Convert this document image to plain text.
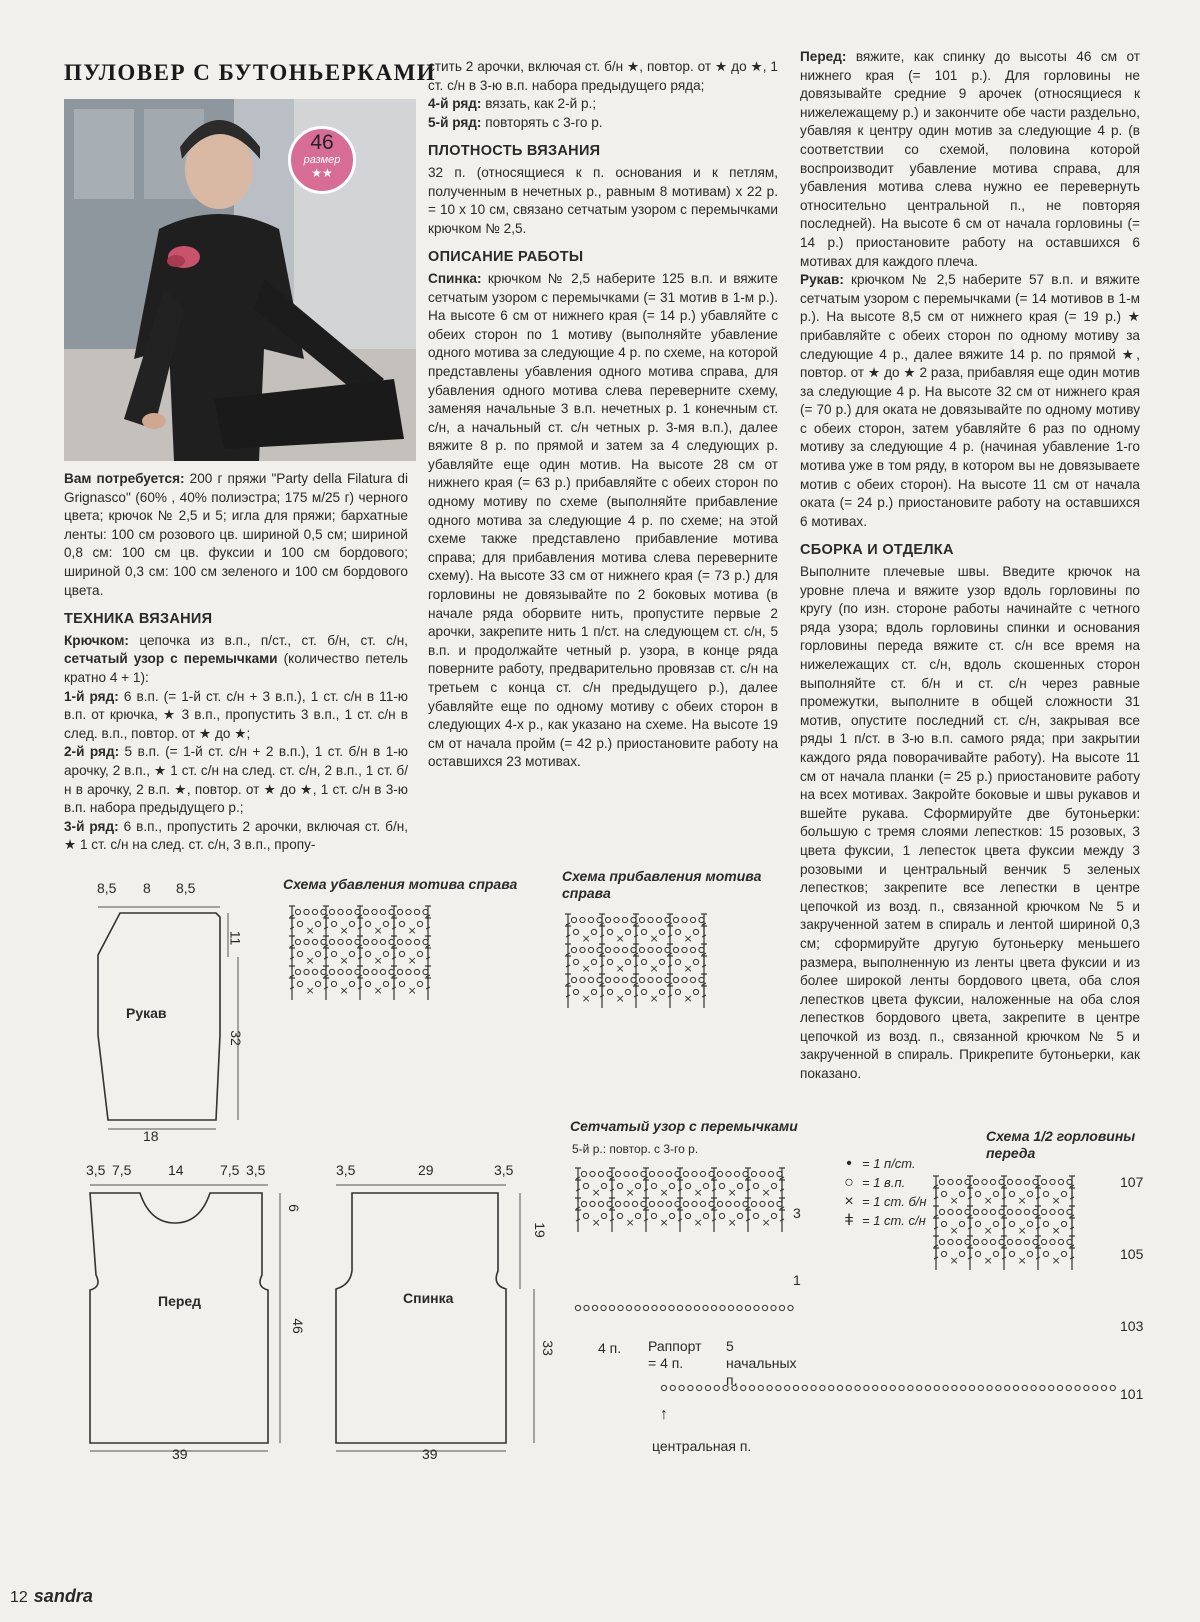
ПУЛОВЕР С БУТОНЬЕРКАМИ
46
размер
★★

Вам потребуется: 200 г пряжи "Party della Filatura di Grignasco" (60% , 40% полиэстра; 175 м/25 г) черного цвета; крючок № 2,5 и 5; игла для пряжи; бархатные ленты: 100 см розового цв. шириной 0,5 см; шириной 0,8 см: 100 см цв. фуксии и 100 см бордового; шириной 0,3 см: 100 см зеленого и 100 см бордового цвета.

ТЕХНИКА ВЯЗАНИЯ

Крючком: цепочка из в.п., п/ст., ст. б/н, ст. с/н, сетчатый узор с перемычками (количество петель кратно 4 + 1):

1-й ряд: 6 в.п. (= 1-й ст. с/н + 3 в.п.), 1 ст. с/н в 11-ю в.п. от крючка, ★ 3 в.п., пропустить 3 в.п., 1 ст. с/н в след. в.п., повтор. от ★ до ★;

2-й ряд: 5 в.п. (= 1-й ст. с/н + 2 в.п.), 1 ст. б/н в 1-ю арочку, 2 в.п., ★ 1 ст. с/н на след. ст. с/н, 2 в.п., 1 ст. б/н в арочку, 2 в.п. ★, повтор. от ★ до ★, 1 ст. с/н в 3-ю в.п. набора предыдущего р.;

3-й ряд: 6 в.п., пропустить 2 арочки, включая ст. б/н, ★ 1 ст. с/н на след. ст. с/н, 3 в.п., пропу-

стить 2 арочки, включая ст. б/н ★, повтор. от ★ до ★, 1 ст. с/н в 3-ю в.п. набора предыдущего ряда;

4-й ряд: вязать, как 2-й р.;

5-й ряд: повторять с 3-го р.

ПЛОТНОСТЬ ВЯЗАНИЯ

32 п. (относящиеся к п. основания и к петлям, полученным в нечетных р., равным 8 мотивам) х 22 р. = 10 х 10 см, связано сетчатым узором с перемычками крючком № 2,5.

ОПИСАНИЕ РАБОТЫ

Спинка: крючком № 2,5 наберите 125 в.п. и вяжите сетчатым узором с перемычками (= 31 мотив в 1-м р.). На высоте 6 см от нижнего края (= 14 р.) убавляйте с обеих сторон по 1 мотиву (выполняйте убавление одного мотива за следующие 4 р. по схеме, на которой представлены убавления одного мотива справа, для убавления одного мотива слева переверните схему, заменяя начальные 3 в.п. нечетных р. 1 конечным ст. с/н, а начальный ст. с/н четных р. 3-мя в.п.), далее вяжите 8 р. по прямой и затем за 4 следующих р. убавляйте еще один мотив. На высоте 28 см от нижнего края (= 63 р.) прибавляйте с обеих сторон по одному мотиву по схеме (выполняйте прибавление одного мотива за следующие 4 р. по схеме; на этой схеме также представлено прибавление мотива справа; для прибавления мотива слева переверните схему). На высоте 33 см от нижнего края (= 73 р.) для горловины не довязывайте по 2 боковых мотива (в начале ряда оборвите нить, пропустите первые 2 арочки, закрепите нить 1 п/ст. на следующем ст. с/н, 5 в.п. и продолжайте четный р. узора, в конце ряда поверните работу, предварительно провязав ст. с/н на третьем с конца ст. с/н предыдущего р.), далее убавляйте еще по одному мотиву с обеих сторон в следующих 4-х р., как указано на схеме. На высоте 19 см от начала пройм (= 42 р.) приостановите работу на оставшихся 23 мотивах.

Перед: вяжите, как спинку до высоты 46 см от нижнего края (= 101 р.). Для горловины не довязывайте средние 9 арочек (относящиеся к нижележащему р.) и закончите обе части раздельно, убавляя к центру один мотив за следующие 4 р. (в соответствии со схемой, половина которой воспроизводит убавление мотива справа, для убавления мотива слева нужно ее перевернуть относительно центральной п., не повторяя последней). На высоте 6 см от начала горловины (= 14 р.) приостановите работу на оставшихся 6 мотивах для каждого плеча.

Рукав: крючком № 2,5 наберите 57 в.п. и вяжите сетчатым узором с перемычками (= 14 мотивов в 1-м р.). На высоте 8,5 см от нижнего края (= 19 р.) ★ прибавляйте с обеих сторон по одному мотиву за следующие 4 р., далее вяжите 14 р. по прямой ★, повтор. от ★ до ★ 2 раза, прибавляя еще один мотив за следующие 4 р. На высоте 32 см от нижнего края (= 70 р.) для оката не довязывайте по одному мотиву с обеих сторон, затем убавляйте 6 раз по одному мотиву за следующие 4 р. (начиная убавление 1-го мотива уже в том ряду, в котором вы не довязываете мотив с обеих сторон). На высоте 11 см от начала оката (= 24 р.) приостановите работу на оставшихся 6 мотивах.

СБОРКА И ОТДЕЛКА

Выполните плечевые швы. Введите крючок на уровне плеча и вяжите узор вдоль горловины по кругу (по изн. стороне работы начинайте с четного ряда узора; вдоль горловины спинки и основания горловины переда вяжите ст. с/н все время на нижележащих ст. с/н, вдоль скошенных сторон выполняйте ст. б/н и ст. с/н через равные промежутки, выполните в общей сложности 31 мотив, опустите последний ст. с/н, закрывая все ряды 1 п/ст. в 3-ю в.п. самого ряда; при закрытии каждого ряда поворачивайте работу). На высоте 11 см от начала планки (= 25 р.) приостановите работу на всех мотивах. Закройте боковые и швы рукавов и вшейте рукава. Сформируйте две бутоньерки: большую с тремя слоями лепестков: 15 розовых, 3 цвета фуксии, 1 лепесток цвета фуксии между 3 розовыми и центральный венчик 5 зеленых лепестков; закрепите все лепестки в центре цепочкой из возд. п., связанной крючком № 5 и закрученной затем в спираль и лентой шириной 0,3 см; сформируйте другую бутоньерку меньшего размера, выполненную из ленты цвета фуксии и из более широкой ленты бордового цвета, оба слоя лепестков цвета фуксии, наложенные на оба слоя лепестков бордового цвета, закрепите в центре цепочкой из возд. п., связанной крючком № 5 и закрученной в спираль. Прикрепите бутоньерки, как показано.

8,5 8 8,5
11
32
18
Рукав
3,5 7,5	14	7,5 3,5
6
46
39
Перед
3,5	29	3,5
19
33
39
Спинка
Схема убавления мотива справа	Схема прибавления мотива справа
Сетчатый узор с перемычками
5-й р.: повтор. с 3-го р.
Схема 1/2 горловины переда
× × × ×
× × × ×
× × × ×
× × × ×
× × × ×
× × × ×
× × × × × ×
× × × × × ×
× × × ×
× × × ×
× × × ×
3
1
4 п. Раппорт = 4 п.
5 начальных п.
107
105
103
101
центральная п.
↑
• = 1 п/ст.
○ = 1 в.п.
× = 1 ст. б/н
ǂ = 1 ст. с/н
12 sandra
